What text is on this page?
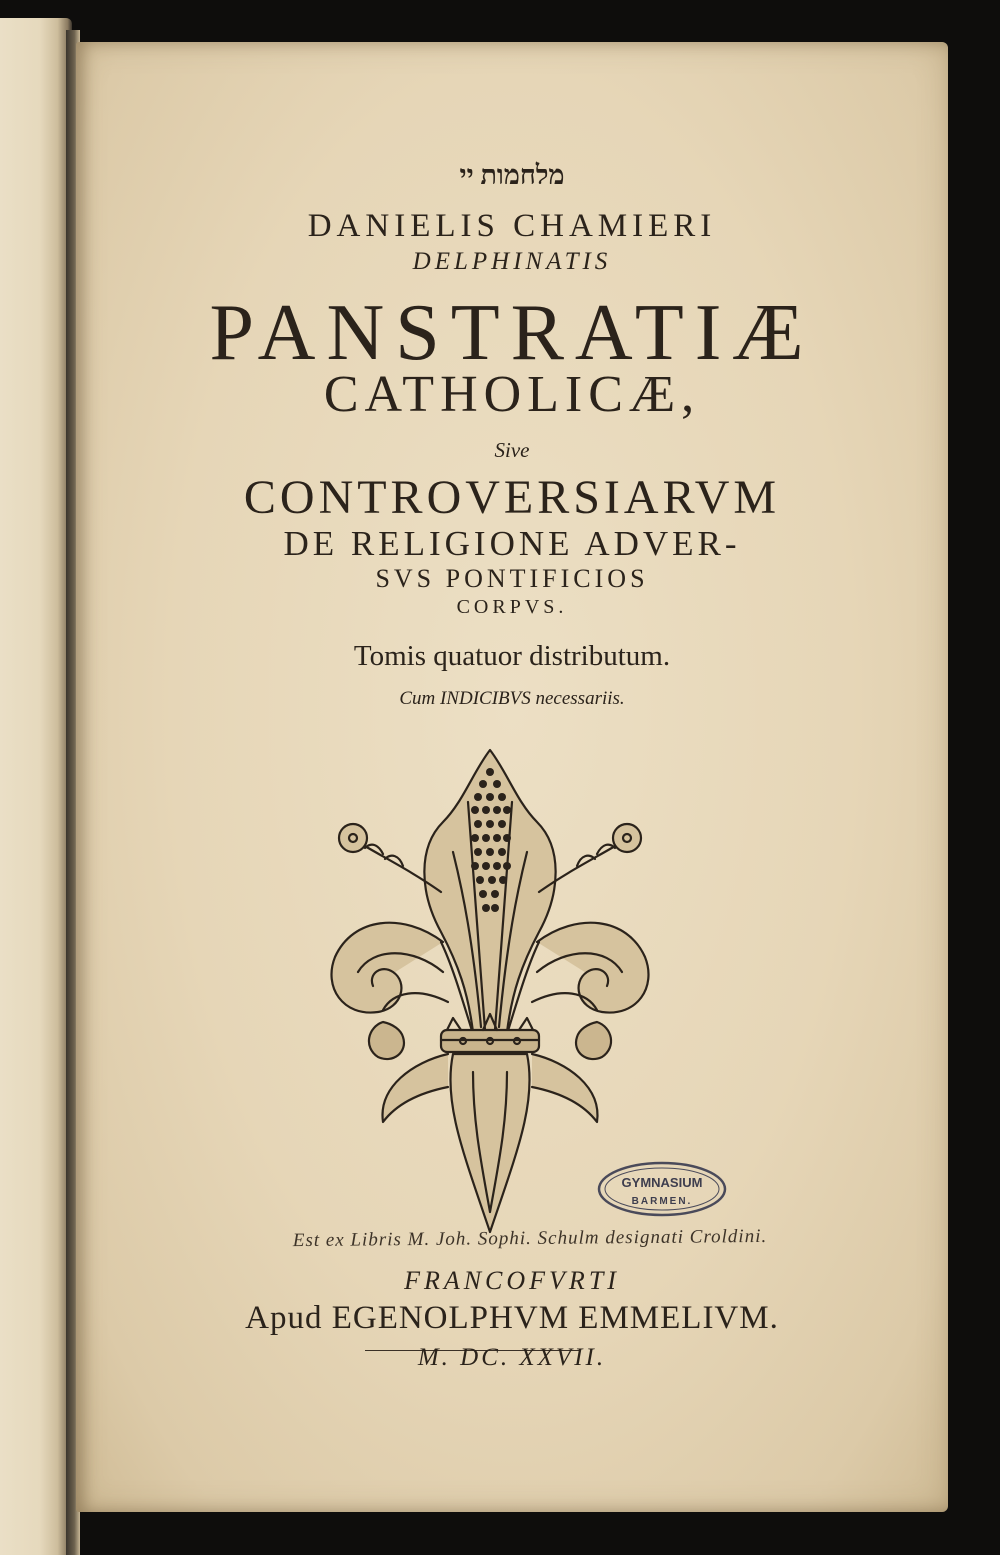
מלחמות יי
DANIELIS CHAMIERI
DELPHINATIS
PANSTRATIÆ
CATHOLICÆ,
Sive
CONTROVERSIARVM
DE RELIGIONE ADVER-
SVS PONTIFICIOS
CORPVS.
Tomis quatuor distributum.
Cum INDICIBVS necessariis.
GYMNASIUM
BARMEN.
Est ex Libris M. Joh. Sophi. Schulm designati Croldini.
FRANCOFVRTI
Apud EGENOLPHVM EMMELIVM.
M. DC. XXVII.
